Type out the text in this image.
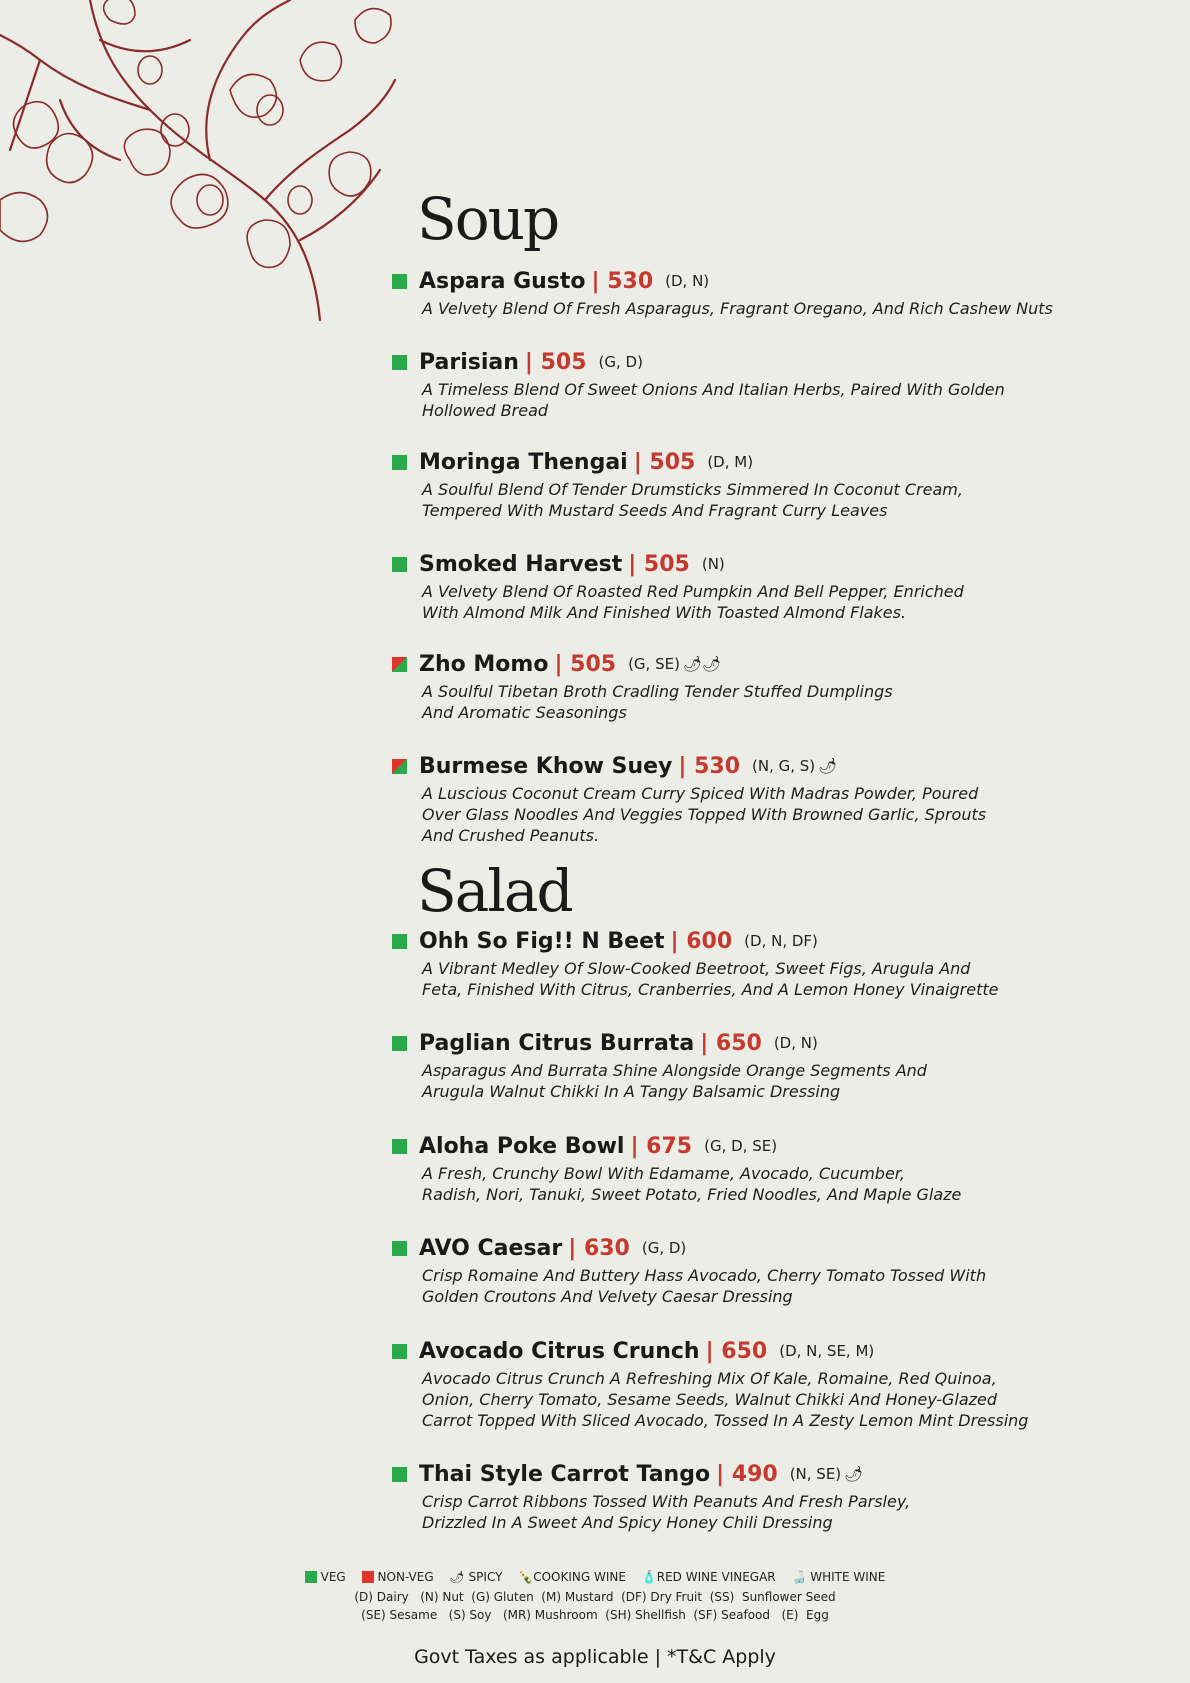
Soup
Aspara Gusto | 530 (D, N)
A Velvety Blend Of Fresh Asparagus, Fragrant Oregano, And Rich Cashew Nuts
Parisian | 505 (G, D)
A Timeless Blend Of Sweet Onions And Italian Herbs, Paired With Golden
Hollowed Bread
Moringa Thengai | 505 (D, M)
A Soulful Blend Of Tender Drumsticks Simmered In Coconut Cream,
Tempered With Mustard Seeds And Fragrant Curry Leaves
Smoked Harvest | 505 (N)
A Velvety Blend Of Roasted Red Pumpkin And Bell Pepper, Enriched
With Almond Milk And Finished With Toasted Almond Flakes.
Zho Momo | 505 (G, SE) 🌶🌶
A Soulful Tibetan Broth Cradling Tender Stuffed Dumplings
And Aromatic Seasonings
Burmese Khow Suey | 530 (N, G, S) 🌶
A Luscious Coconut Cream Curry Spiced With Madras Powder, Poured
Over Glass Noodles And Veggies Topped With Browned Garlic, Sprouts
And Crushed Peanuts.
Salad
Ohh So Fig!! N Beet | 600 (D, N, DF)
A Vibrant Medley Of Slow-Cooked Beetroot, Sweet Figs, Arugula And
Feta, Finished With Citrus, Cranberries, And A Lemon Honey Vinaigrette
Paglian Citrus Burrata | 650 (D, N)
Asparagus And Burrata Shine Alongside Orange Segments And
Arugula Walnut Chikki In A Tangy Balsamic Dressing
Aloha Poke Bowl | 675 (G, D, SE)
A Fresh, Crunchy Bowl With Edamame, Avocado, Cucumber,
Radish, Nori, Tanuki, Sweet Potato, Fried Noodles, And Maple Glaze
AVO Caesar | 630 (G, D)
Crisp Romaine And Buttery Hass Avocado, Cherry Tomato Tossed With
Golden Croutons And Velvety Caesar Dressing
Avocado Citrus Crunch | 650 (D, N, SE, M)
Avocado Citrus Crunch A Refreshing Mix Of Kale, Romaine, Red Quinoa,
Onion, Cherry Tomato, Sesame Seeds, Walnut Chikki And Honey-Glazed
Carrot Topped With Sliced Avocado, Tossed In A Zesty Lemon Mint Dressing
Thai Style Carrot Tango | 490 (N, SE) 🌶
Crisp Carrot Ribbons Tossed With Peanuts And Fresh Parsley,
Drizzled In A Sweet And Spicy Honey Chili Dressing
VEG	NON-VEG 🌶 SPICY 🍾COOKING WINE 🧴RED WINE VINEGAR 🍶 WHITE WINE
(D) Dairy   (N) Nut  (G) Gluten  (M) Mustard  (DF) Dry Fruit  (SS)  Sunflower Seed
(SE) Sesame   (S) Soy   (MR) Mushroom  (SH) Shellfish  (SF) Seafood   (E)  Egg
Govt Taxes as applicable | *T&C Apply
